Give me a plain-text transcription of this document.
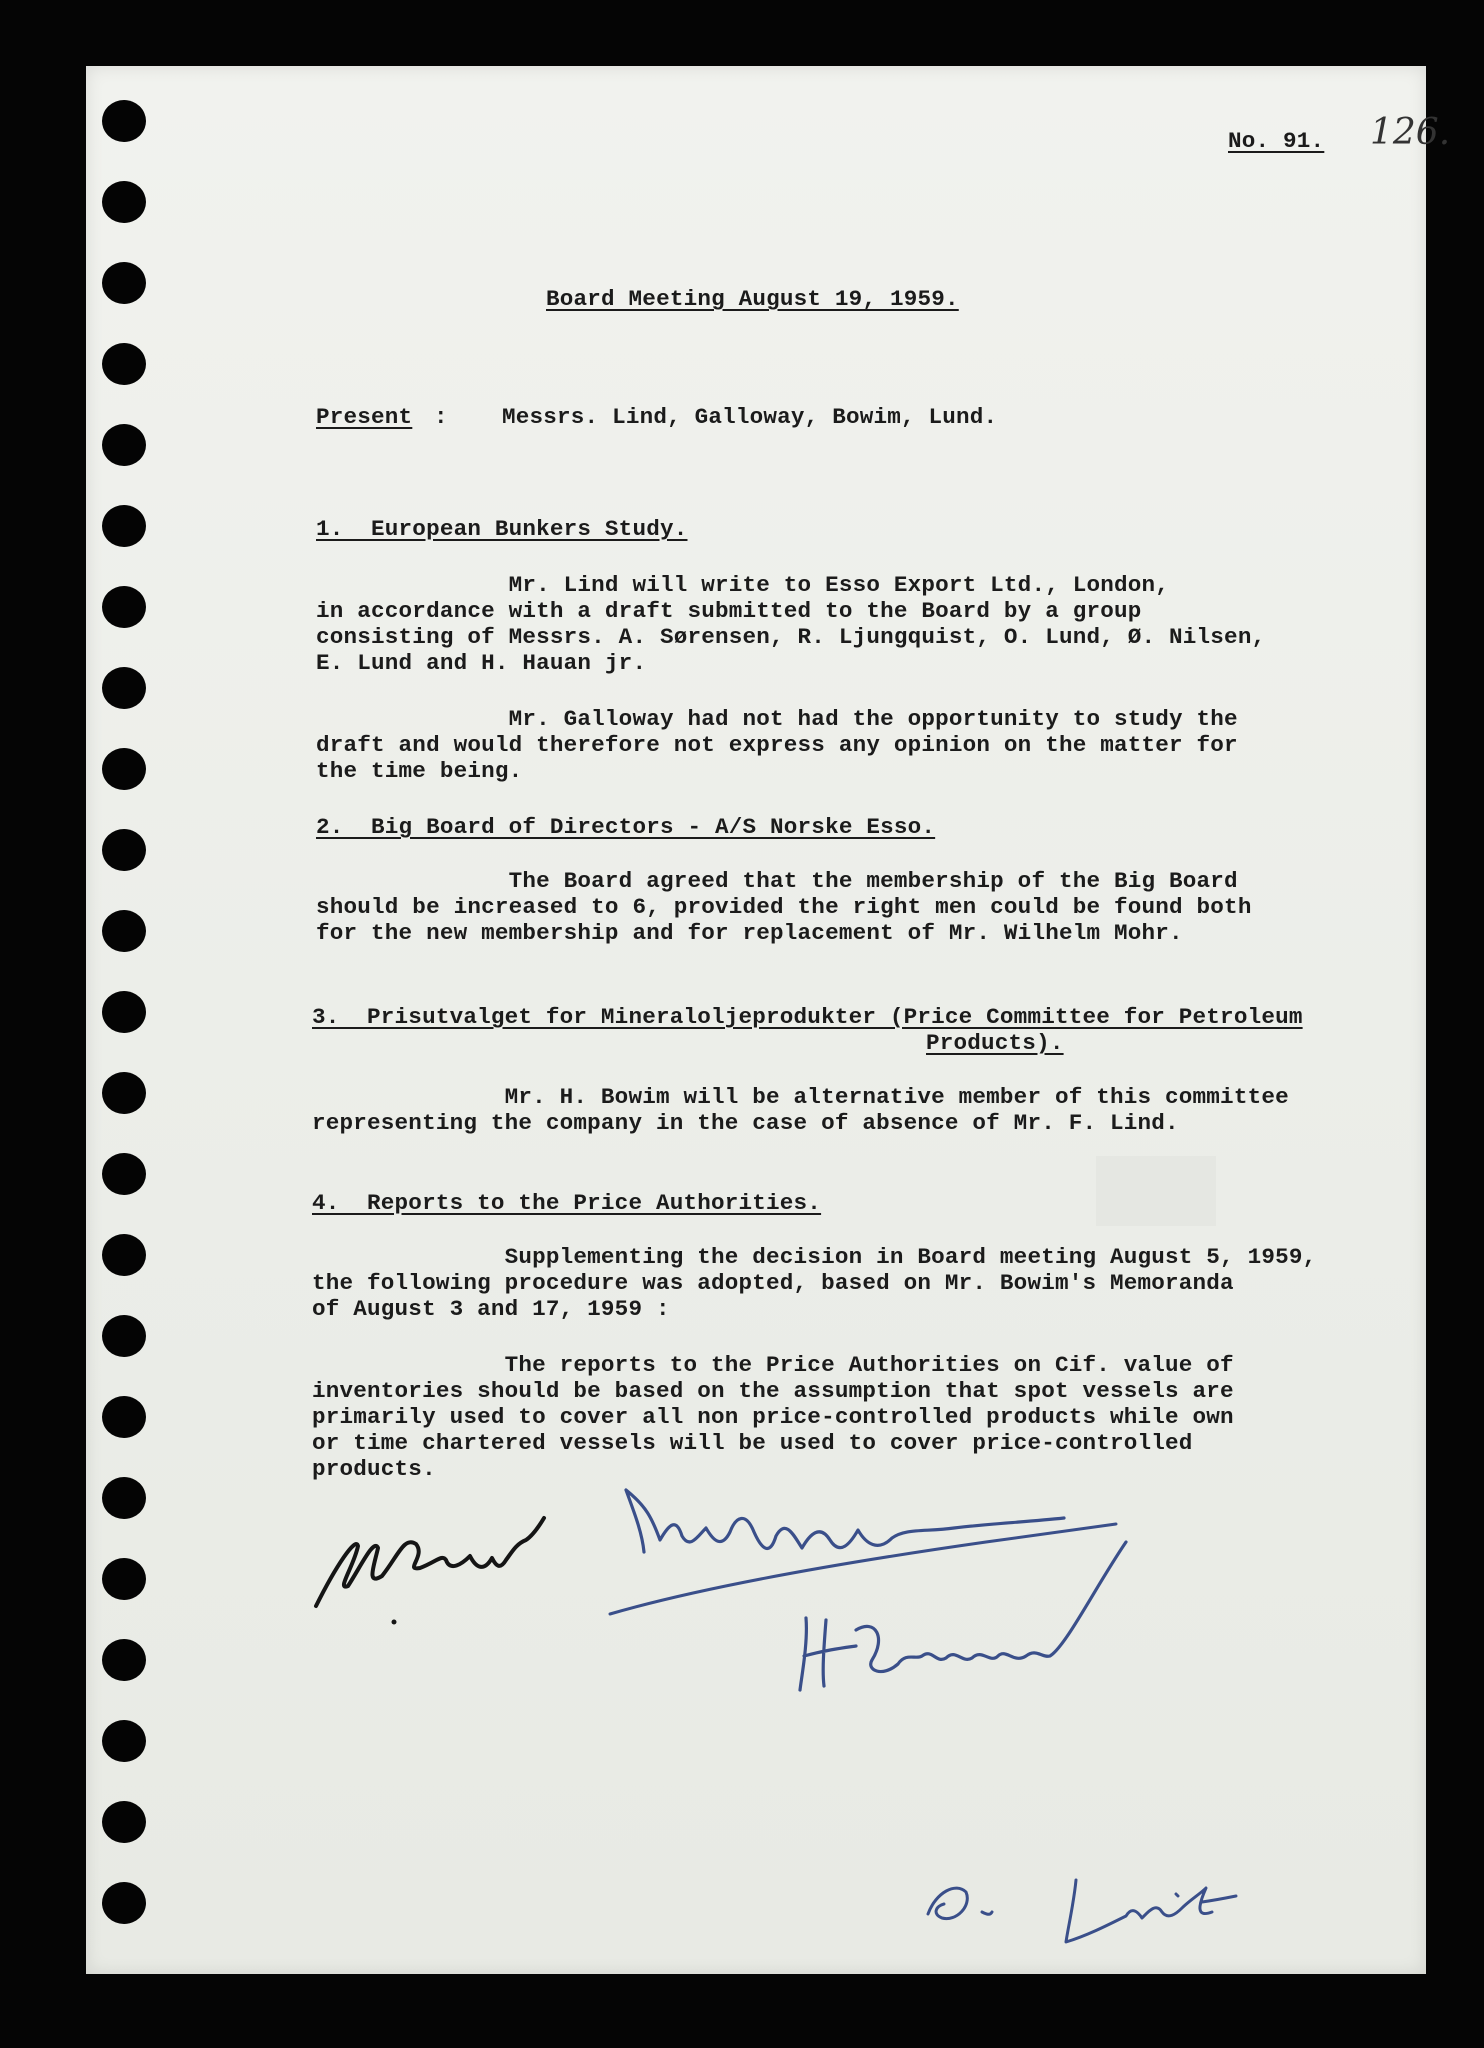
No. 91. 126.
Board Meeting August 19, 1959.
Present : Messrs. Lind, Galloway, Bowim, Lund.
1.  European Bunkers Study.
Mr. Lind will write to Esso Export Ltd., London,
in accordance with a draft submitted to the Board by a group
consisting of Messrs. A. Sørensen, R. Ljungquist, O. Lund, Ø. Nilsen,
E. Lund and H. Hauan jr.
Mr. Galloway had not had the opportunity to study the
draft and would therefore not express any opinion on the matter for
the time being.
2.  Big Board of Directors - A/S Norske Esso.
The Board agreed that the membership of the Big Board
should be increased to 6, provided the right men could be found both
for the new membership and for replacement of Mr. Wilhelm Mohr.
3.  Prisutvalget for Mineraloljeprodukter (Price Committee for Petroleum
Products).
Mr. H. Bowim will be alternative member of this committee
representing the company in the case of absence of Mr. F. Lind.
4.  Reports to the Price Authorities.
Supplementing the decision in Board meeting August 5, 1959,
the following procedure was adopted, based on Mr. Bowim's Memoranda
of August 3 and 17, 1959 :
The reports to the Price Authorities on Cif. value of
inventories should be based on the assumption that spot vessels are
primarily used to cover all non price-controlled products while own
or time chartered vessels will be used to cover price-controlled
products.
